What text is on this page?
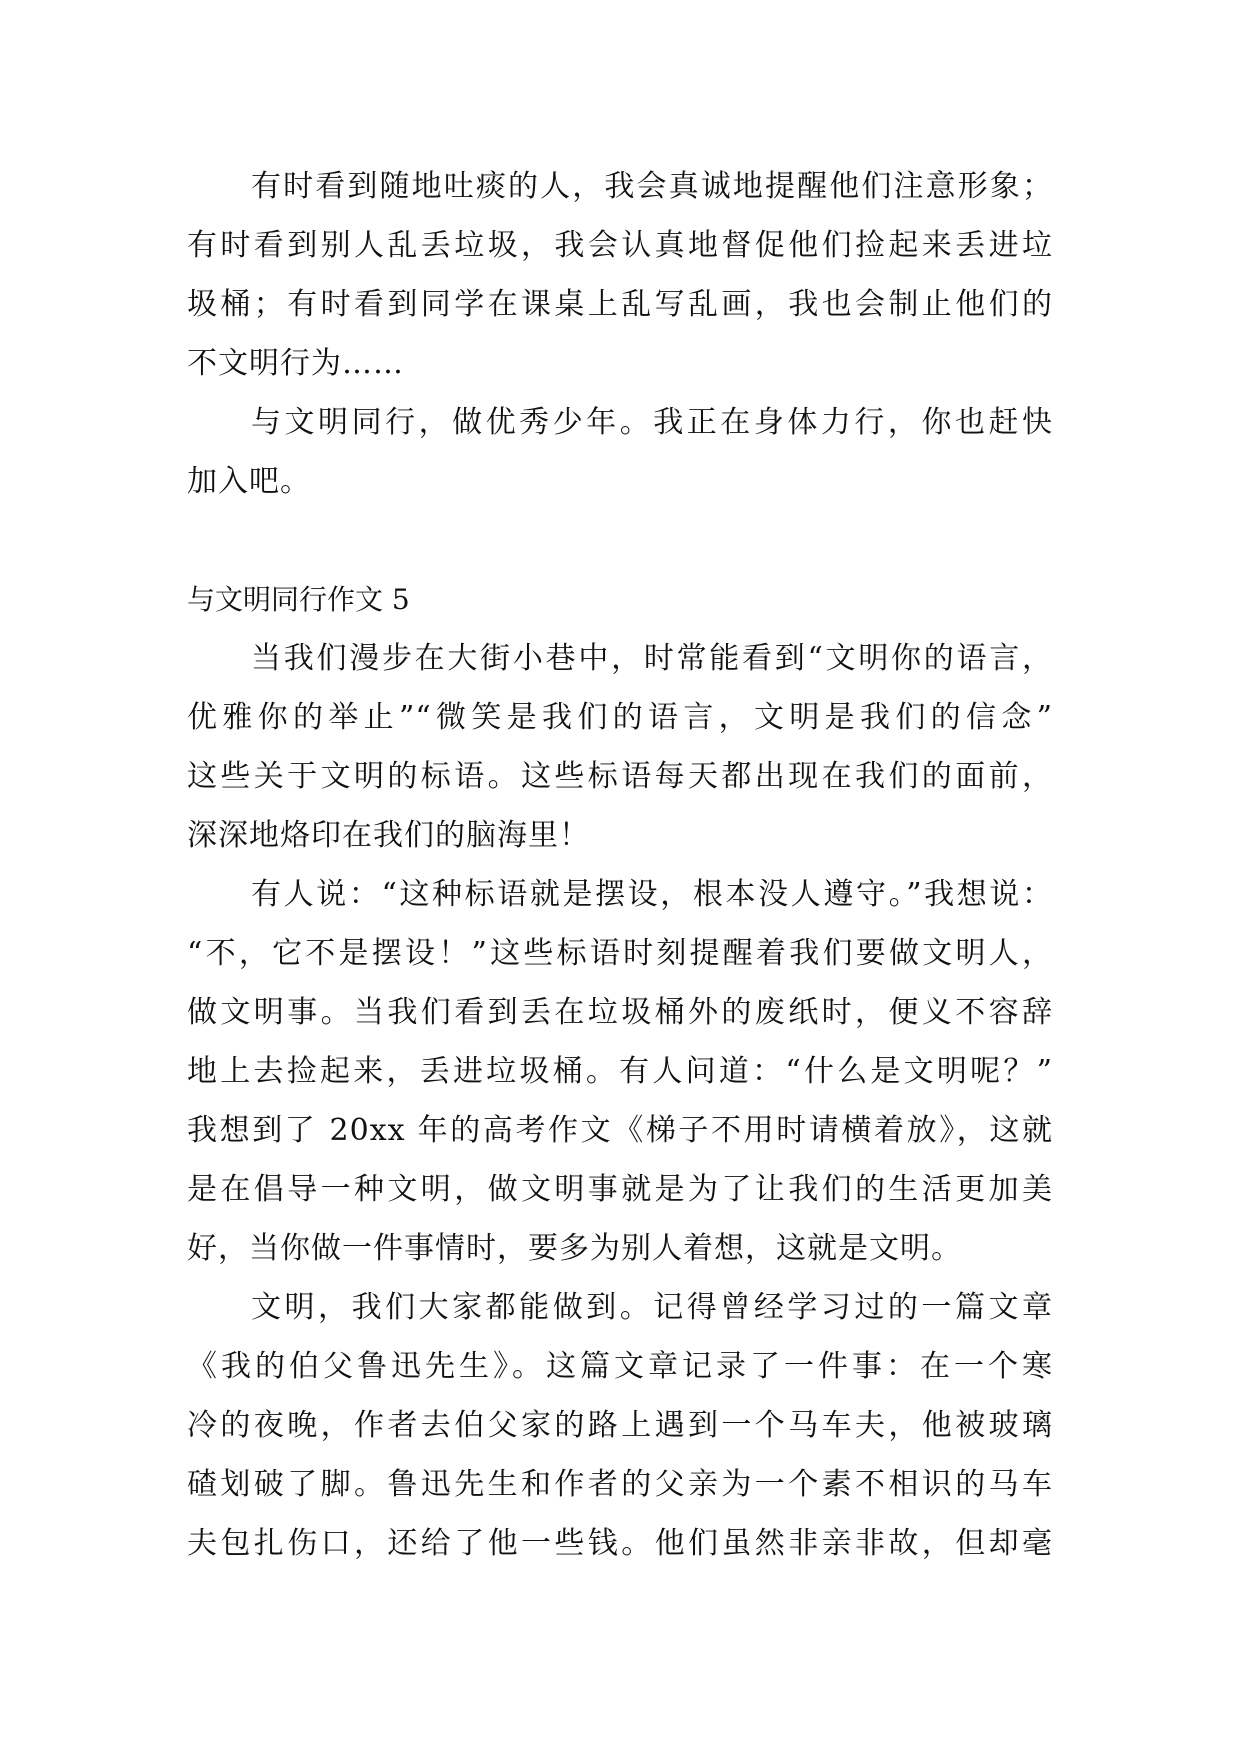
有时看到随地吐痰的人，我会真诚地提醒他们注意形象；
有时看到别人乱丢垃圾，我会认真地督促他们捡起来丢进垃
圾桶；有时看到同学在课桌上乱写乱画，我也会制止他们的
不文明行为……
与文明同行，做优秀少年。我正在身体力行，你也赶快
加入吧。
与文明同行作文 5
当我们漫步在大街小巷中，时常能看到“文明你的语言，
优雅你的举止”“微笑是我们的语言，文明是我们的信念”
这些关于文明的标语。这些标语每天都出现在我们的面前，
深深地烙印在我们的脑海里！
有人说：“这种标语就是摆设，根本没人遵守。”我想说：
“不，它不是摆设！”这些标语时刻提醒着我们要做文明人，
做文明事。当我们看到丢在垃圾桶外的废纸时，便义不容辞
地上去捡起来，丢进垃圾桶。有人问道：“什么是文明呢？”
我想到了 20xx 年的高考作文《梯子不用时请横着放》，这就
是在倡导一种文明，做文明事就是为了让我们的生活更加美
好，当你做一件事情时，要多为别人着想，这就是文明。
文明，我们大家都能做到。记得曾经学习过的一篇文章
《我的伯父鲁迅先生》。这篇文章记录了一件事：在一个寒
冷的夜晚，作者去伯父家的路上遇到一个马车夫，他被玻璃
碴划破了脚。鲁迅先生和作者的父亲为一个素不相识的马车
夫包扎伤口，还给了他一些钱。他们虽然非亲非故，但却毫
